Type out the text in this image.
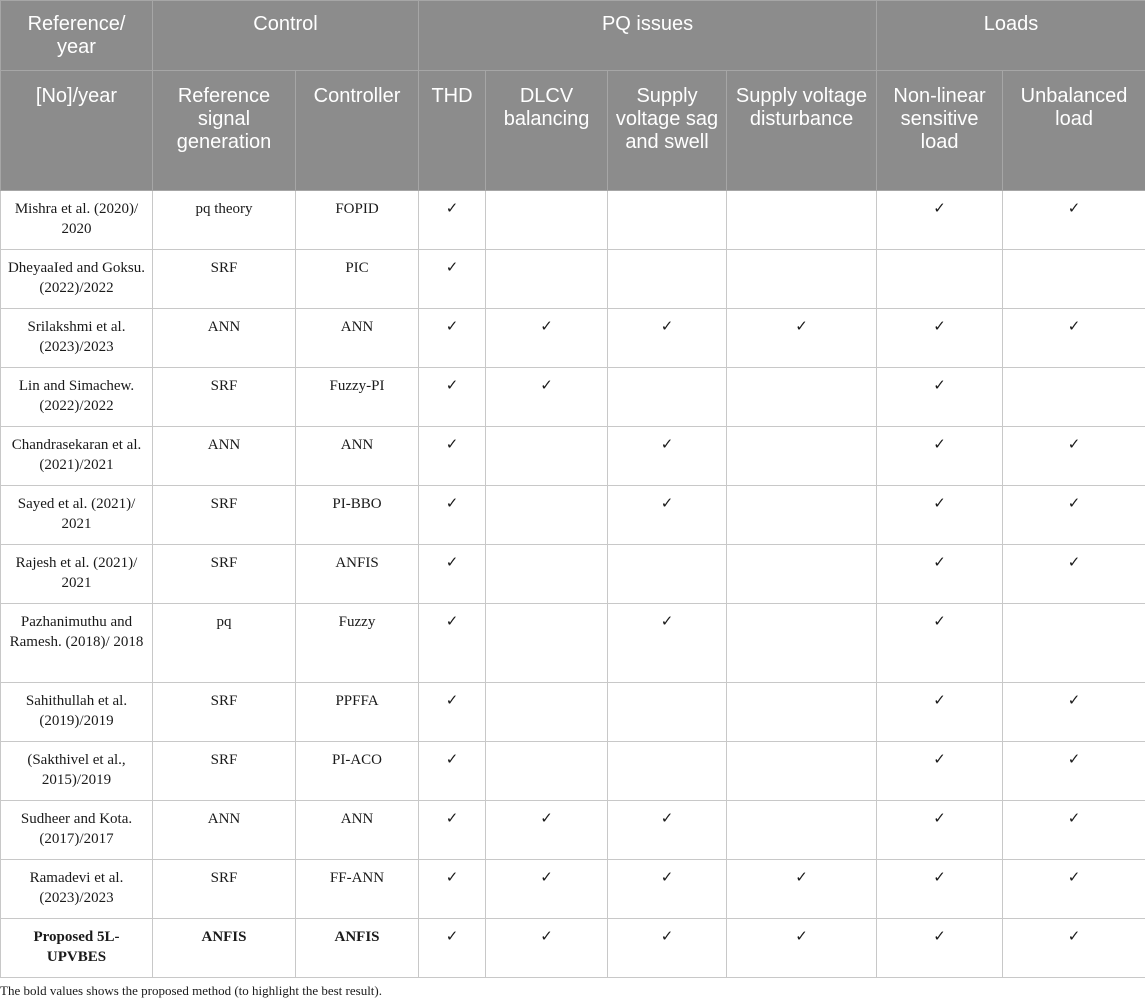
Reference/ year	Control		PQ issues				Loads	
[No]/year	Reference signal generation	Controller	THD	DLCV balancing	Supply voltage sag and swell	Supply voltage disturbance	Non-linear sensitive load	Unbalanced load
Mishra et al. (2020)/ 2020	pq theory	FOPID	✓				✓	✓
DheyaaIed and Goksu. (2022)/2022	SRF	PIC	✓					
Srilakshmi et al. (2023)/2023	ANN	ANN	✓	✓	✓	✓	✓	✓
Lin and Simachew. (2022)/2022	SRF	Fuzzy-PI	✓	✓			✓	
Chandrasekaran et al. (2021)/2021	ANN	ANN	✓		✓		✓	✓
Sayed et al. (2021)/ 2021	SRF	PI-BBO	✓		✓		✓	✓
Rajesh et al. (2021)/ 2021	SRF	ANFIS	✓				✓	✓
Pazhanimuthu and Ramesh. (2018)/ 2018	pq	Fuzzy	✓		✓		✓	
Sahithullah et al. (2019)/2019	SRF	PPFFA	✓				✓	✓
(Sakthivel et al., 2015)/2019	SRF	PI-ACO	✓				✓	✓
Sudheer and Kota. (2017)/2017	ANN	ANN	✓	✓	✓		✓	✓
Ramadevi et al. (2023)/2023	SRF	FF-ANN	✓	✓	✓	✓	✓	✓
Proposed 5L-UPVBES	ANFIS	ANFIS	✓	✓	✓	✓	✓	✓
The bold values shows the proposed method (to highlight the best result).
